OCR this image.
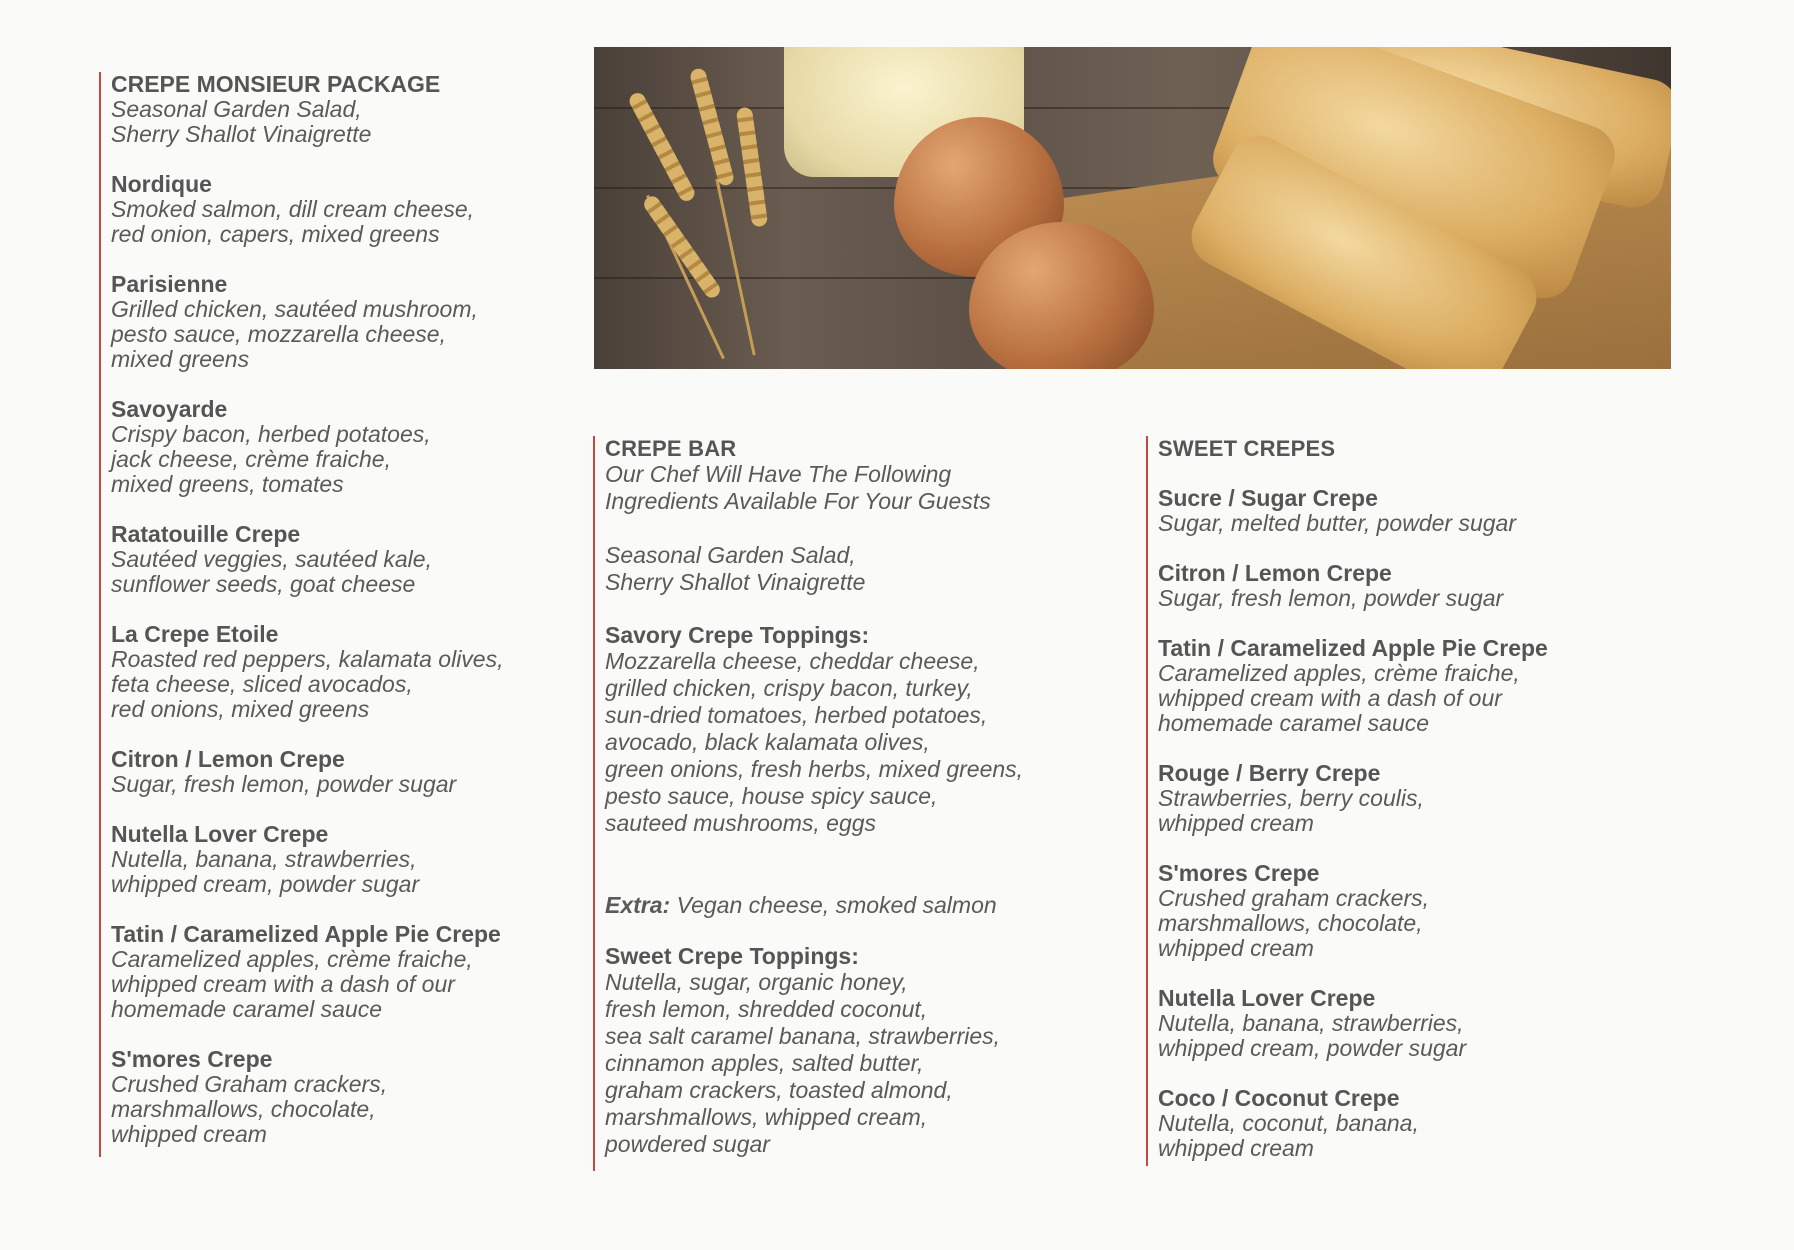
CREPE MONSIEUR PACKAGE

Seasonal Garden Salad,
Sherry Shallot Vinaigrette

Nordique

Smoked salmon, dill cream cheese,
red onion, capers, mixed greens

Parisienne

Grilled chicken, sautéed mushroom,
pesto sauce, mozzarella cheese,
mixed greens

Savoyarde

Crispy bacon, herbed potatoes,
jack cheese, crème fraiche,
mixed greens, tomates

Ratatouille Crepe

Sautéed veggies, sautéed kale,
sunflower seeds, goat cheese

La Crepe Etoile

Roasted red peppers, kalamata olives,
feta cheese, sliced avocados,
red onions, mixed greens

Citron / Lemon Crepe

Sugar, fresh lemon, powder sugar

Nutella Lover Crepe

Nutella, banana, strawberries,
whipped cream, powder sugar

Tatin / Caramelized Apple Pie Crepe

Caramelized apples, crème fraiche,
whipped cream with a dash of our
homemade caramel sauce

S'mores Crepe

Crushed Graham crackers,
marshmallows, chocolate,
whipped cream

CREPE BAR

Our Chef Will Have The Following
Ingredients Available For Your Guests

Seasonal Garden Salad,
Sherry Shallot Vinaigrette

Savory Crepe Toppings:

Mozzarella cheese, cheddar cheese,
grilled chicken, crispy bacon, turkey,
sun-dried tomatoes, herbed potatoes,
avocado, black kalamata olives,
green onions, fresh herbs, mixed greens,
pesto sauce, house spicy sauce,
sauteed mushrooms, eggs

Extra: Vegan cheese, smoked salmon

Sweet Crepe Toppings:

Nutella, sugar, organic honey,
fresh lemon, shredded coconut,
sea salt caramel banana, strawberries,
cinnamon apples, salted butter,
graham crackers, toasted almond,
marshmallows, whipped cream,
powdered sugar

SWEET CREPES

Sucre / Sugar Crepe

Sugar, melted butter, powder sugar

Citron / Lemon Crepe

Sugar, fresh lemon, powder sugar

Tatin / Caramelized Apple Pie Crepe

Caramelized apples, crème fraiche,
whipped cream with a dash of our
homemade caramel sauce

Rouge / Berry Crepe

Strawberries, berry coulis,
whipped cream

S'mores Crepe

Crushed graham crackers,
marshmallows, chocolate,
whipped cream

Nutella Lover Crepe

Nutella, banana, strawberries,
whipped cream, powder sugar

Coco / Coconut Crepe

Nutella, coconut, banana,
whipped cream
